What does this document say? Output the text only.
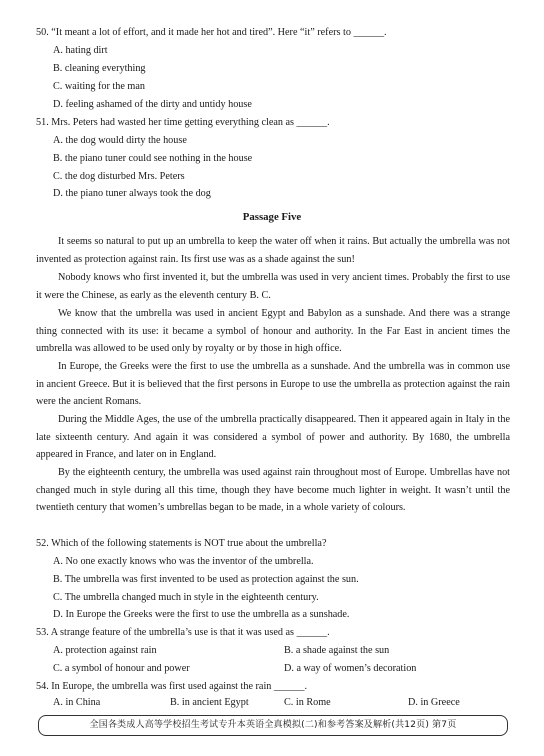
50. “It meant a lot of effort, and it made her hot and tired”. Here “it” refers to ______.
A. hating dirt
B. cleaning everything
C. waiting for the man
D. feeling ashamed of the dirty and untidy house
51. Mrs. Peters had wasted her time getting everything clean as ______.
A. the dog would dirty the house
B. the piano tuner could see nothing in the house
C. the dog disturbed Mrs. Peters
D. the piano tuner always took the dog
Passage Five
It seems so natural to put up an umbrella to keep the water off when it rains. But actually the umbrella was not invented as protection against rain. Its first use was as a shade against the sun!
Nobody knows who first invented it, but the umbrella was used in very ancient times. Probably the first to use it were the Chinese, as early as the eleventh century B. C.
We know that the umbrella was used in ancient Egypt and Babylon as a sunshade. And there was a strange thing connected with its use: it became a symbol of honour and authority. In the Far East in ancient times the umbrella was allowed to be used only by royalty or by those in high office.
In Europe, the Greeks were the first to use the umbrella as a sunshade. And the umbrella was in common use in ancient Greece. But it is believed that the first persons in Europe to use the umbrella as protection against the rain were the ancient Romans.
During the Middle Ages, the use of the umbrella practically disappeared. Then it appeared again in Italy in the late sixteenth century. And again it was considered a symbol of power and authority. By 1680, the umbrella appeared in France, and later on in England.
By the eighteenth century, the umbrella was used against rain throughout most of Europe. Umbrellas have not changed much in style during all this time, though they have become much lighter in weight. It wasn’t until the twentieth century that women’s umbrellas began to be made, in a whole variety of colours.
52. Which of the following statements is NOT true about the umbrella?
A. No one exactly knows who was the inventor of the umbrella.
B. The umbrella was first invented to be used as protection against the sun.
C. The umbrella changed much in style in the eighteenth century.
D. In Europe the Greeks were the first to use the umbrella as a sunshade.
53. A strange feature of the umbrella’s use is that it was used as ______.
A. protection against rain	B. a shade against the sun
C. a symbol of honour and power	D. a way of women’s decoration
54. In Europe, the umbrella was first used against the rain ______.
A. in China	B. in ancient Egypt	C. in Rome	D. in Greece
全国各类成人高等学校招生考试专升本英语全真模拟(二)和参考答案及解析(共12页) 第7页
